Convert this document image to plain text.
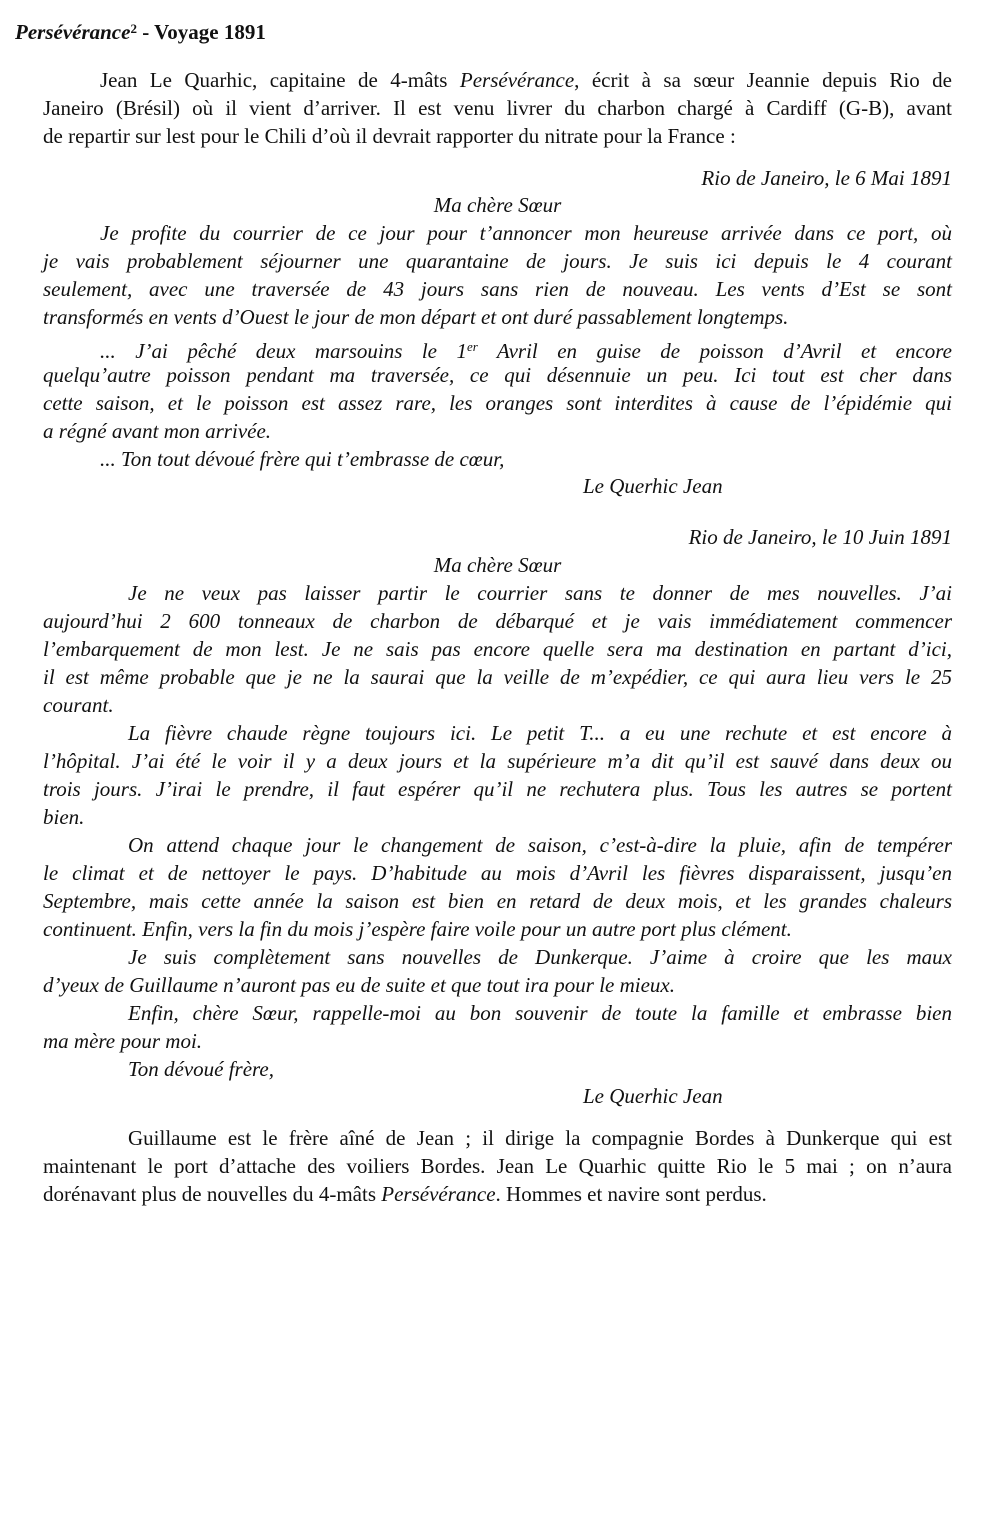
Persévérance$^2$ - Voyage 1891
Jean Le Quarhic, capitaine de 4-mâts Persévérance, écrit à sa sœur Jeannie depuis Rio de
Janeiro (Brésil) où il vient d’arriver. Il est venu livrer du charbon chargé à Cardiff (G-B), avant
de repartir sur lest pour le Chili d’où il devrait rapporter du nitrate pour la France :
Rio de Janeiro, le 6 Mai 1891
Ma chère Sœur
Je profite du courrier de ce jour pour t’annoncer mon heureuse arrivée dans ce port, où
je vais probablement séjourner une quarantaine de jours. Je suis ici depuis le 4 courant
seulement, avec une traversée de 43 jours sans rien de nouveau. Les vents d’Est se sont
transformés en vents d’Ouest le jour de mon départ et ont duré passablement longtemps.
... J’ai pêché deux marsouins le 1er Avril en guise de poisson d’Avril et encore
quelqu’autre poisson pendant ma traversée, ce qui désennuie un peu. Ici tout est cher dans
cette saison, et le poisson est assez rare, les oranges sont interdites à cause de l’épidémie qui
a régné avant mon arrivée.
... Ton tout dévoué frère qui t’embrasse de cœur,
Le Querhic Jean
Rio de Janeiro, le 10 Juin 1891
Ma chère Sœur
Je ne veux pas laisser partir le courrier sans te donner de mes nouvelles. J’ai
aujourd’hui 2 600 tonneaux de charbon de débarqué et je vais immédiatement commencer
l’embarquement de mon lest. Je ne sais pas encore quelle sera ma destination en partant d’ici,
il est même probable que je ne la saurai que la veille de m’expédier, ce qui aura lieu vers le 25
courant.
La fièvre chaude règne toujours ici. Le petit T... a eu une rechute et est encore à
l’hôpital. J’ai été le voir il y a deux jours et la supérieure m’a dit qu’il est sauvé dans deux ou
trois jours. J’irai le prendre, il faut espérer qu’il ne rechutera plus. Tous les autres se portent
bien.
On attend chaque jour le changement de saison, c’est-à-dire la pluie, afin de tempérer
le climat et de nettoyer le pays. D’habitude au mois d’Avril les fièvres disparaissent, jusqu’en
Septembre, mais cette année la saison est bien en retard de deux mois, et les grandes chaleurs
continuent. Enfin, vers la fin du mois j’espère faire voile pour un autre port plus clément.
Je suis complètement sans nouvelles de Dunkerque. J’aime à croire que les maux
d’yeux de Guillaume n’auront pas eu de suite et que tout ira pour le mieux.
Enfin, chère Sœur, rappelle-moi au bon souvenir de toute la famille et embrasse bien
ma mère pour moi.
Ton dévoué frère,
Le Querhic Jean
Guillaume est le frère aîné de Jean ; il dirige la compagnie Bordes à Dunkerque qui est
maintenant le port d’attache des voiliers Bordes. Jean Le Quarhic quitte Rio le 5 mai ; on n’aura
dorénavant plus de nouvelles du 4-mâts Persévérance. Hommes et navire sont perdus.
